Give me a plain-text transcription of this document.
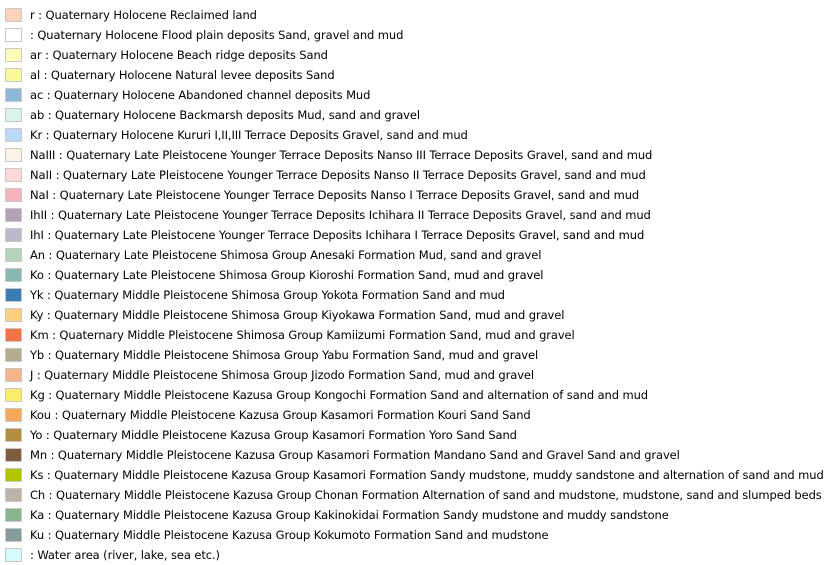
r : Quaternary Holocene Reclaimed land
: Quaternary Holocene Flood plain deposits Sand, gravel and mud
ar : Quaternary Holocene Beach ridge deposits Sand
al : Quaternary Holocene Natural levee deposits Sand
ac : Quaternary Holocene Abandoned channel deposits Mud
ab : Quaternary Holocene Backmarsh deposits Mud, sand and gravel
Kr : Quaternary Holocene Kururi I,II,III Terrace Deposits Gravel, sand and mud
NaIII : Quaternary Late Pleistocene Younger Terrace Deposits Nanso III Terrace Deposits Gravel, sand and mud
NaII : Quaternary Late Pleistocene Younger Terrace Deposits Nanso II Terrace Deposits Gravel, sand and mud
NaI : Quaternary Late Pleistocene Younger Terrace Deposits Nanso I Terrace Deposits Gravel, sand and mud
IhII : Quaternary Late Pleistocene Younger Terrace Deposits Ichihara II Terrace Deposits Gravel, sand and mud
IhI : Quaternary Late Pleistocene Younger Terrace Deposits Ichihara I Terrace Deposits Gravel, sand and mud
An : Quaternary Late Pleistocene Shimosa Group Anesaki Formation Mud, sand and gravel
Ko : Quaternary Late Pleistocene Shimosa Group Kioroshi Formation Sand, mud and gravel
Yk : Quaternary Middle Pleistocene Shimosa Group Yokota Formation Sand and mud
Ky : Quaternary Middle Pleistocene Shimosa Group Kiyokawa Formation Sand, mud and gravel
Km : Quaternary Middle Pleistocene Shimosa Group Kamiizumi Formation Sand, mud and gravel
Yb : Quaternary Middle Pleistocene Shimosa Group Yabu Formation Sand, mud and gravel
J : Quaternary Middle Pleistocene Shimosa Group Jizodo Formation Sand, mud and gravel
Kg : Quaternary Middle Pleistocene Kazusa Group Kongochi Formation Sand and alternation of sand and mud
Kou : Quaternary Middle Pleistocene Kazusa Group Kasamori Formation Kouri Sand Sand
Yo : Quaternary Middle Pleistocene Kazusa Group Kasamori Formation Yoro Sand Sand
Mn : Quaternary Middle Pleistocene Kazusa Group Kasamori Formation Mandano Sand and Gravel Sand and gravel
Ks : Quaternary Middle Pleistocene Kazusa Group Kasamori Formation Sandy mudstone, muddy sandstone and alternation of sand and mud
Ch : Quaternary Middle Pleistocene Kazusa Group Chonan Formation Alternation of sand and mudstone, mudstone, sand and slumped beds
Ka : Quaternary Middle Pleistocene Kazusa Group Kakinokidai Formation Sandy mudstone and muddy sandstone
Ku : Quaternary Middle Pleistocene Kazusa Group Kokumoto Formation Sand and mudstone
: Water area (river, lake, sea etc.)
